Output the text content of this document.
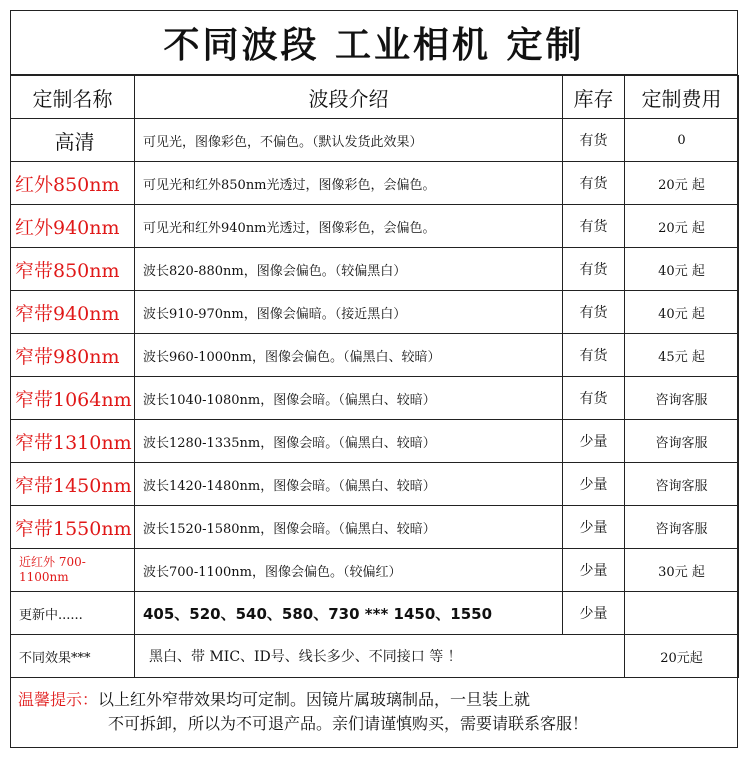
不同波段 工业相机 定制
定制名称	波段介绍	库存	定制费用
高清	可见光，图像彩色，不偏色。（默认发货此效果）	有货	0
红外850nm	可见光和红外850nm光透过，图像彩色，会偏色。	有货	20元 起
红外940nm	可见光和红外940nm光透过，图像彩色，会偏色。	有货	20元 起
窄带850nm	波长820-880nm，图像会偏色。（较偏黑白）	有货	40元 起
窄带940nm	波长910-970nm，图像会偏暗。（接近黑白）	有货	40元 起
窄带980nm	波长960-1000nm，图像会偏色。（偏黑白、较暗）	有货	45元 起
窄带1064nm	波长1040-1080nm，图像会暗。（偏黑白、较暗）	有货	咨询客服
窄带1310nm	波长1280-1335nm，图像会暗。（偏黑白、较暗）	少量	咨询客服
窄带1450nm	波长1420-1480nm，图像会暗。（偏黑白、较暗）	少量	咨询客服
窄带1550nm	波长1520-1580nm，图像会暗。（偏黑白、较暗）	少量	咨询客服
近红外 700-1100nm	波长700-1100nm，图像会偏色。（较偏红）	少量	30元 起
更新中......	405、520、540、580、730 *** 1450、1550	少量	
不同效果***	黑白、带 MIC、ID号、线长多少、不同接口 等 ！		20元起
温馨提示：以上红外窄带效果均可定制。因镜片属玻璃制品，一旦装上就
不可拆卸，所以为不可退产品。亲们请谨慎购买，需要请联系客服！
